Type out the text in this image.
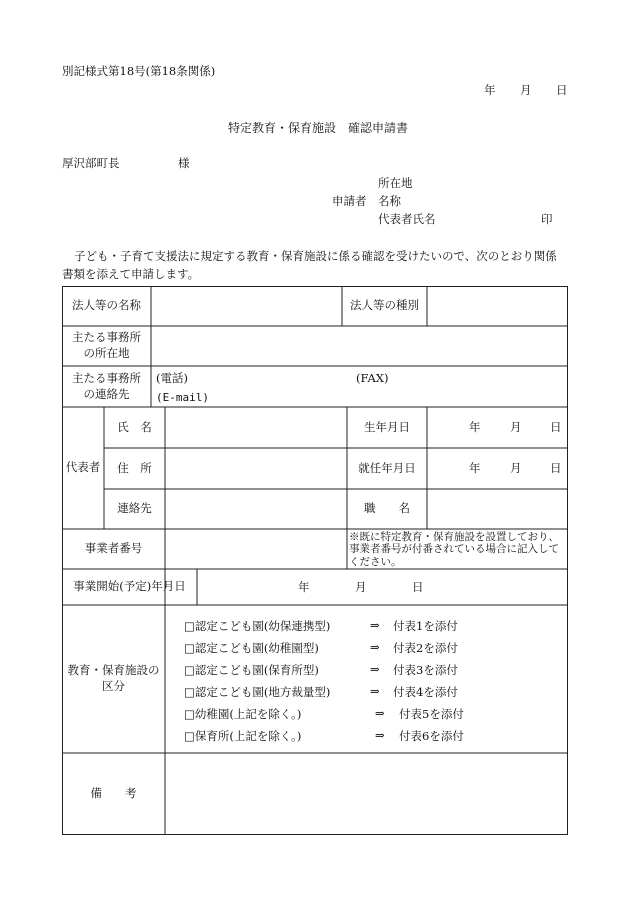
別記様式第18号(第18条関係)
年 月 日
特定教育・保育施設　確認申請書
厚沢部町長	様
所在地
申請者 名称
代表者氏名	印
子ども・子育て支援法に規定する教育・保育施設に係る確認を受けたいので、次のとおり関係
書類を添えて申請します。
法人等の名称	法人等の種別
主たる事務所
の所在地
主たる事務所
の連絡先
(電話)	(FAX)
(E-mail)
代表者
氏　名	生年月日	年	月 日
住　所	就任年月日	年	月 日
連絡先	職　　名
事業者番号
※既に特定教育・保育施設を設置しており、事業者番号が付番されている場合に記入してください。
事業開始(予定)年月日	年	月	日
教育・保育施設の
区分
□認定こども園(幼保連携型)	⇒ 付表1を添付
□認定こども園(幼稚園型)	⇒ 付表2を添付
□認定こども園(保育所型)	⇒ 付表3を添付
□認定こども園(地方裁量型)	⇒ 付表4を添付
□幼稚園(上記を除く。)	⇒ 付表5を添付
□保育所(上記を除く。)	⇒ 付表6を添付
備　　考
